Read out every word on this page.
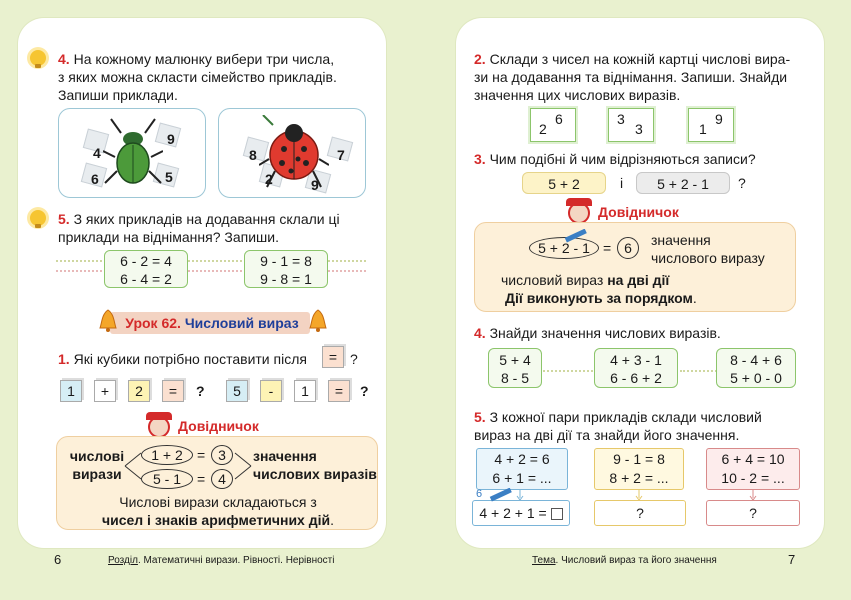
4. На кожному малюнку вибери три числа,
з яких можна скласти сімейство прикладів.
Запиши приклади.
4
9
6	5
8	7
2	9
5. З яких прикладів на додавання склали ці
приклади на віднімання? Запиши.
6 - 2 = 4
6 - 4 = 2
9 - 1 = 8
9 - 8 = 1
Урок 62. Числовий вираз
1. Які кубики потрібно поставити після	= ?
1	+	2	=	?	5	-	1	=	?
Довідничок
числові
вирази
1 + 2	= 3
5 - 1	= 4
значення
числових виразів
Числові вирази складаються з
чисел і знаків арифметичних дій.
6	Розділ. Математичні вирази. Рівності. Нерівності
2. Склади з чисел на кожній картці числові вира-
зи на додавання та віднімання. Запиши. Знайди
значення цих числових виразів.
2
6	3
3	1
9
3. Чим подібні й чим відрізняються записи?
5 + 2	і	5 + 2 - 1	?
Довідничок
5 + 2 - 1 = 6	значення
числового виразу
числовий вираз на дві дії
Дії виконують за порядком.
4. Знайди значення числових виразів.
5 + 4
8 - 5
4 + 3 - 1
6 - 6 + 2
8 - 4 + 6
5 + 0 - 0
5. З кожної пари прикладів склади числовий
вираз на дві дії та знайди його значення.
4 + 2 = 6
6 + 1 = ...
9 - 1 = 8
8 + 2 = ...
6 + 4 = 10
10 - 2 = ...
4 + 2 + 1 =
6
?	?
Тема. Числовий вираз та його значення	7
